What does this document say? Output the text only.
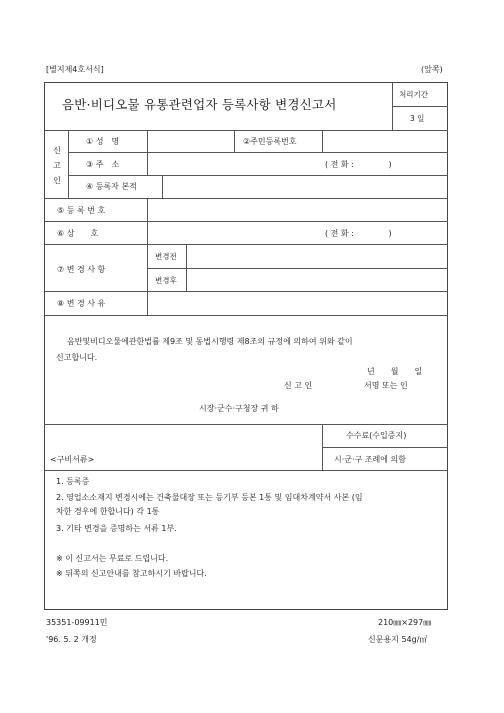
[별지제4호서식]	(앞쪽)
음반·비디오물 유통관련업자 등록사항 변경신고서
처리기간
3 일
신
고
인
① 성　명	②주민등록번호
③ 주　소	( 전 화 :　　　　 )
④ 등록자 본적
⑤ 등 록 번 호
⑥ 상　　호	( 전 화 :　　　　 )
⑦ 변 경 사 항
변경전
변경후
⑧ 변 경 사 유
음반및비디오물에관한법률 제9조 및 동법시행령 제8조의 규정에 의하여 위와 같이
신고합니다.
년　　월　　일
신 고 인	서명 또는 인
시장·군수·구청장 귀 하
수수료(수입증지)
시·군·구 조례에 의함
<구비서류>
1. 등록증
2. 영업소소재지 변경시에는 건축물대장 또는 등기부 등본 1통 및 임대차계약서 사본 (임
차한 경우에 한합니다) 각 1통
3. 기타 변경을 증명하는 서류 1부.
※ 이 신고서는 무료로 드립니다.
※ 뒤쪽의 신고안내를 참고하시기 바랍니다.
35351-09911민	210㎜×297㎜
'96. 5. 2 개정	신문용지 54g/㎡
